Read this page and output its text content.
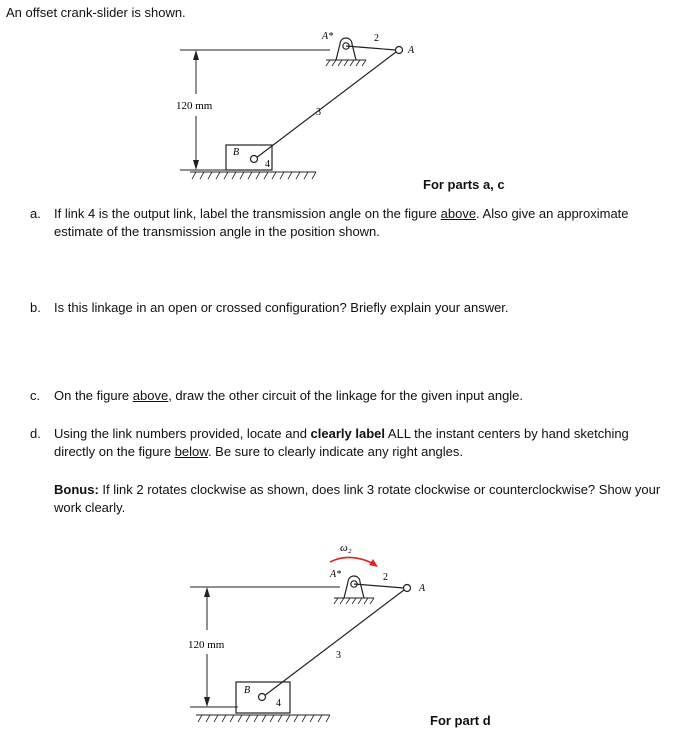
An offset crank-slider is shown.
120 mm
A*	2
A
3
B
4
For parts a, c
a.	If link 4 is the output link, label the transmission angle on the figure above. Also give an approximate estimate of the transmission angle in the position shown.
b.	Is this linkage in an open or crossed configuration? Briefly explain your answer.
c.	On the figure above, draw the other circuit of the linkage for the given input angle.
d.	Using the link numbers provided, locate and clearly label ALL the instant centers by hand sketching directly on the figure below. Be sure to clearly indicate any right angles.
Bonus: If link 2 rotates clockwise as shown, does link 3 rotate clockwise or counterclockwise? Show your work clearly.
ω₂
120 mm
A*	2
A
3
B
4
For part d
